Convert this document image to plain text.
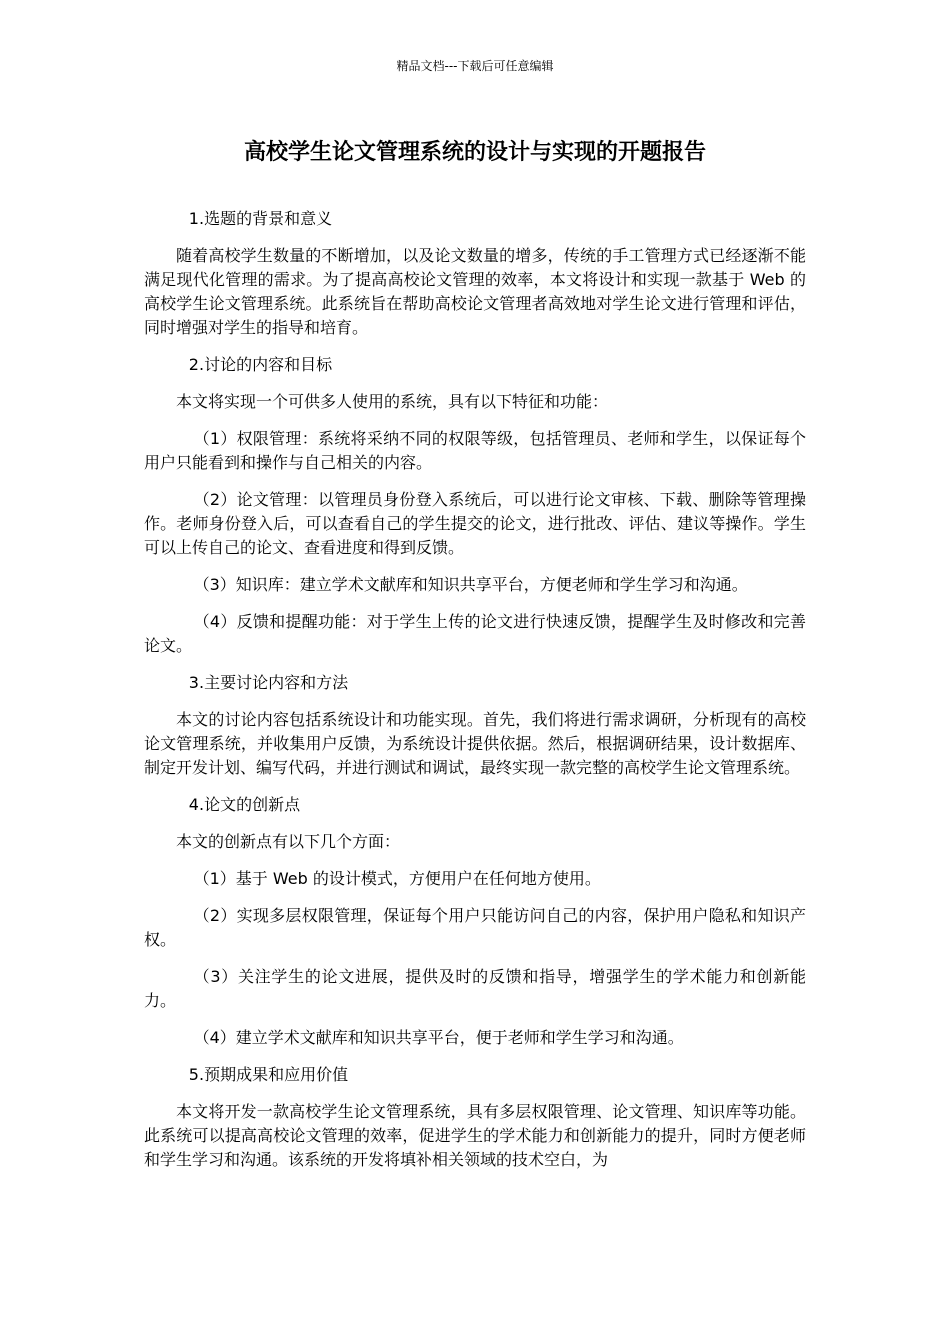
精品文档---下载后可任意编辑
高校学生论文管理系统的设计与实现的开题报告

1.选题的背景和意义

随着高校学生数量的不断增加，以及论文数量的增多，传统的手工管理方式已经逐渐不能满足现代化管理的需求。为了提高高校论文管理的效率，本文将设计和实现一款基于 Web 的高校学生论文管理系统。此系统旨在帮助高校论文管理者高效地对学生论文进行管理和评估，同时增强对学生的指导和培育。

2.讨论的内容和目标

本文将实现一个可供多人使用的系统，具有以下特征和功能：

（1）权限管理：系统将采纳不同的权限等级，包括管理员、老师和学生，以保证每个用户只能看到和操作与自己相关的内容。

（2）论文管理：以管理员身份登入系统后，可以进行论文审核、下载、删除等管理操作。老师身份登入后，可以查看自己的学生提交的论文，进行批改、评估、建议等操作。学生可以上传自己的论文、查看进度和得到反馈。

（3）知识库：建立学术文献库和知识共享平台，方便老师和学生学习和沟通。

（4）反馈和提醒功能：对于学生上传的论文进行快速反馈，提醒学生及时修改和完善论文。

3.主要讨论内容和方法

本文的讨论内容包括系统设计和功能实现。首先，我们将进行需求调研，分析现有的高校论文管理系统，并收集用户反馈，为系统设计提供依据。然后，根据调研结果，设计数据库、制定开发计划、编写代码，并进行测试和调试，最终实现一款完整的高校学生论文管理系统。

4.论文的创新点

本文的创新点有以下几个方面：

（1）基于 Web 的设计模式，方便用户在任何地方使用。

（2）实现多层权限管理，保证每个用户只能访问自己的内容，保护用户隐私和知识产权。

（3）关注学生的论文进展，提供及时的反馈和指导，增强学生的学术能力和创新能力。

（4）建立学术文献库和知识共享平台，便于老师和学生学习和沟通。

5.预期成果和应用价值

本文将开发一款高校学生论文管理系统，具有多层权限管理、论文管理、知识库等功能。此系统可以提高高校论文管理的效率，促进学生的学术能力和创新能力的提升，同时方便老师和学生学习和沟通。该系统的开发将填补相关领域的技术空白，为
